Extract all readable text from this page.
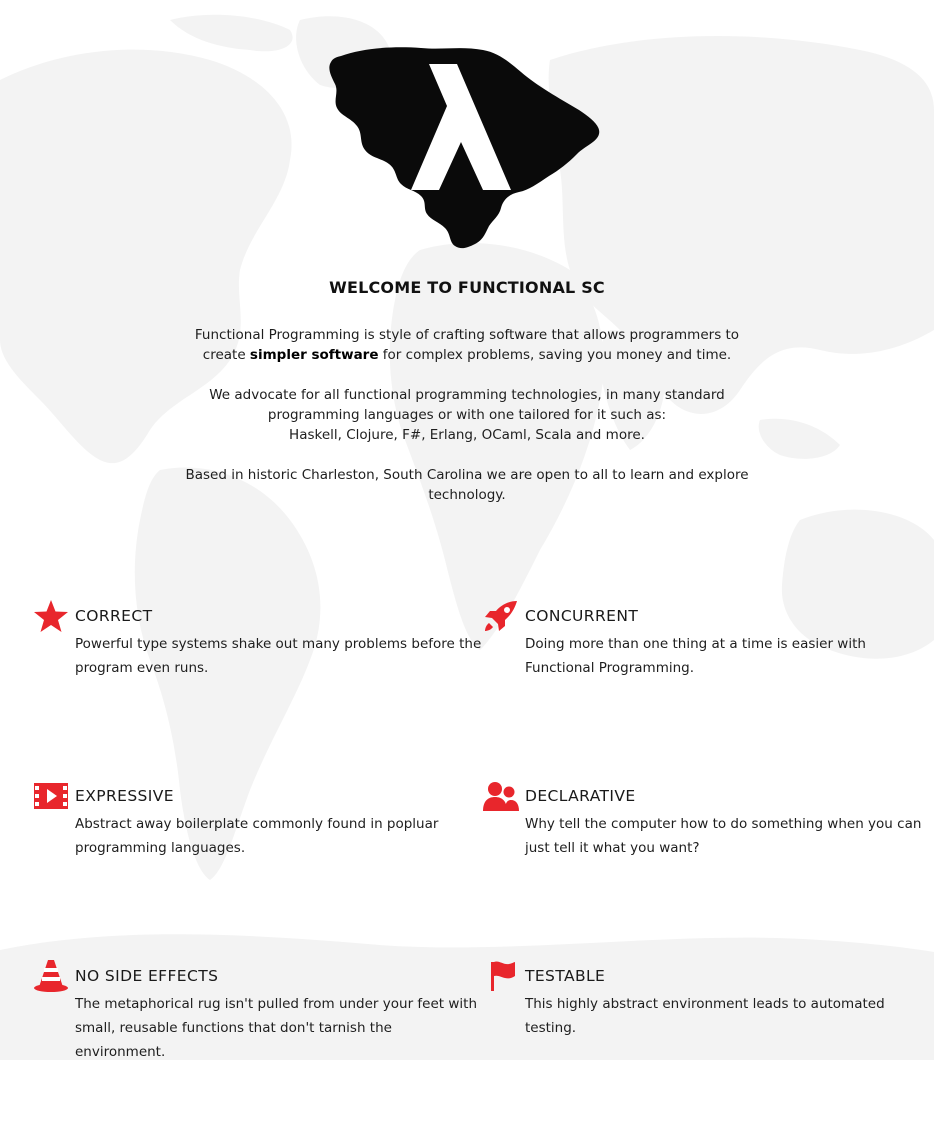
WELCOME TO FUNCTIONAL SC

Functional Programming is style of crafting software that allows programmers to create simpler software for complex problems, saving you money and time.

We advocate for all functional programming technologies, in many standard programming languages or with one tailored for it such as:
Haskell, Clojure, F#, Erlang, OCaml, Scala and more.

Based in historic Charleston, South Carolina we are open to all to learn and explore technology.

CORRECT
Powerful type systems shake out many problems before the program even runs.
CONCURRENT
Doing more than one thing at a time is easier with Functional Programming.
EXPRESSIVE
Abstract away boilerplate commonly found in popluar programming languages.
DECLARATIVE
Why tell the computer how to do something when you can just tell it what you want?
NO SIDE EFFECTS
The metaphorical rug isn't pulled from under your feet with small, reusable functions that don't tarnish the environment.
TESTABLE
This highly abstract environment leads to automated testing.
